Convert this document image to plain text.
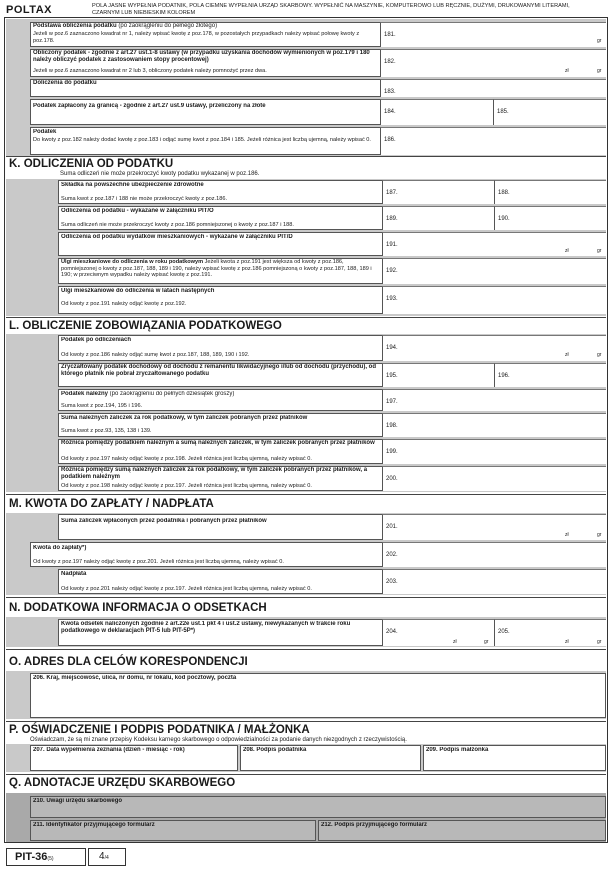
POLTAX	POLA JASNE WYPEŁNIA PODATNIK, POLA CIEMNE WYPEŁNIA URZĄD SKARBOWY. WYPEŁNIĆ NA MASZYNIE, KOMPUTEROWO LUB RĘCZNIE, DUŻYMI, DRUKOWANYMI LITERAMI, CZARNYM LUB NIEBIESKIM KOLOREM
Podstawa obliczenia podatku (po zaokrągleniu do pełnego złotego)
Jeżeli w poz.6 zaznaczono kwadrat nr 1, należy wpisać kwotę z poz.178, w pozostałych przypadkach należy wpisać połowę kwoty z poz.178.
181.
gr
Obliczony podatek - zgodnie z art.27 ust.1-8 ustawy (w przypadku uzyskania dochodów wymienionych w poz.179 i 180 należy obliczyć podatek z zastosowaniem stopy procentowej)
Jeżeli w poz.6 zaznaczono kwadrat nr 2 lub 3, obliczony podatek należy pomnożyć przez dwa.
182.
zł	gr
Doliczenia do podatku
183.
Podatek zapłacony za granicą - zgodnie z art.27 ust.9 ustawy, przeliczony na złote
184.	185.
Podatek
Do kwoty z poz.182 należy dodać kwotę z poz.183 i odjąć sumę kwot z poz.184 i 185. Jeżeli różnica jest liczbą ujemną, należy wpisać 0.	186.
K. ODLICZENIA OD PODATKU
Suma odliczeń nie może przekroczyć kwoty podatku wykazanej w poz.186.
Składka na powszechne ubezpieczenie zdrowotne
Suma kwot z poz.187 i 188 nie może przekroczyć kwoty z poz.186.
187.	188.
Odliczenia od podatku - wykazane w załączniku PIT/O
Suma odliczeń nie może przekroczyć kwoty z poz.186 pomniejszonej o kwoty z poz.187 i 188.
189.	190.
Odliczenia od podatku wydatków mieszkaniowych - wykazane w załączniku PIT/D
191.
zł	gr
Ulgi mieszkaniowe do odliczenia w roku podatkowym Jeżeli kwota z poz.191 jest większa od kwoty z poz.186, pomniejszonej o kwoty z poz.187, 188, 189 i 190, należy wpisać kwotę z poz.186 pomniejszoną o kwoty z poz.187, 188, 189 i 190; w przeciwnym wypadku należy wpisać kwotę z poz.191.
192.
Ulgi mieszkaniowe do odliczenia w latach następnych
Od kwoty z poz.191 należy odjąć kwotę z poz.192.
193.
L. OBLICZENIE ZOBOWIĄZANIA PODATKOWEGO
Podatek po odliczeniach
Od kwoty z poz.186 należy odjąć sumę kwot z poz.187, 188, 189, 190 i 192.
194.
zł	gr
Zryczałtowany podatek dochodowy od dochodu z remanentu likwidacyjnego i/lub od dochodu (przychodu), od którego płatnik nie pobrał zryczałtowanego podatku	195.	196.
Podatek należny (po zaokrągleniu do pełnych dziesiątek groszy)
Suma kwot z poz.194, 195 i 196.
197.
Suma należnych zaliczek za rok podatkowy, w tym zaliczek pobranych przez płatników
Suma kwot z poz.93, 135, 138 i 139.
198.
Różnica pomiędzy podatkiem należnym a sumą należnych zaliczek, w tym zaliczek pobranych przez płatników
Od kwoty z poz.197 należy odjąć kwotę z poz.198. Jeżeli różnica jest liczbą ujemną, należy wpisać 0.
199.
Różnica pomiędzy sumą należnych zaliczek za rok podatkowy, w tym zaliczek pobranych przez płatników, a podatkiem należnym
Od kwoty z poz.198 należy odjąć kwotę z poz.197. Jeżeli różnica jest liczbą ujemną, należy wpisać 0.
200.
M. KWOTA DO ZAPŁATY / NADPŁATA
Suma zaliczek wpłaconych przez podatnika i pobranych przez płatników
201.
zł	gr
Kwota do zapłaty*)
Od kwoty z poz.197 należy odjąć kwotę z poz.201. Jeżeli różnica jest liczbą ujemną, należy wpisać 0.
202.
Nadpłata
Od kwoty z poz.201 należy odjąć kwotę z poz.197. Jeżeli różnica jest liczbą ujemną, należy wpisać 0.
203.
N. DODATKOWA INFORMACJA O ODSETKACH
Kwota odsetek naliczonych zgodnie z art.22e ust.1 pkt 4 i ust.2 ustawy, niewykazanych w trakcie roku podatkowego w deklaracjach PIT-5 lub PIT-5P*)	204.	205.
zł	gr	zł	gr
O. ADRES DLA CELÓW KORESPONDENCJI
206. Kraj, miejscowość, ulica, nr domu, nr lokalu, kod pocztowy, poczta
P. OŚWIADCZENIE I PODPIS PODATNIKA / MAŁŻONKA
Oświadczam, że są mi znane przepisy Kodeksu karnego skarbowego o odpowiedzialności za podanie danych niezgodnych z rzeczywistością.
207. Data wypełnienia zeznania (dzień - miesiąc - rok)	208. Podpis podatnika	209. Podpis małżonka
Q. ADNOTACJE URZĘDU SKARBOWEGO
210. Uwagi urzędu skarbowego
211. Identyfikator przyjmującego formularz	212. Podpis przyjmującego formularz
PIT-36(5)	4/4
